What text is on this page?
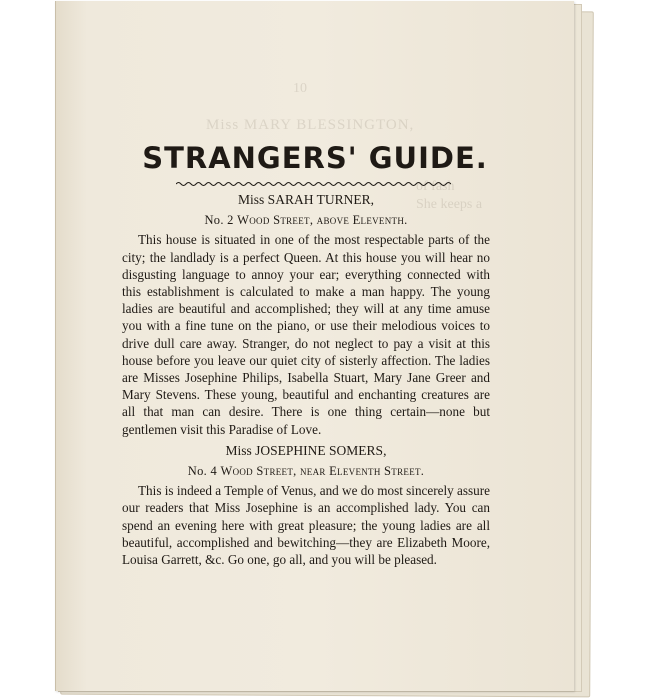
10
Miss MARY BLESSINGTON,
of fash
She keeps a
STRANGERS' GUIDE.
Miss SARAH TURNER,
No. 2 Wood Street, above Eleventh.

This house is situated in one of the most respectable parts of the city; the landlady is a perfect Queen. At this house you will hear no disgusting language to annoy your ear; everything connected with this establishment is calculated to make a man happy. The young ladies are beautiful and accomplished; they will at any time amuse you with a fine tune on the piano, or use their melodious voices to drive dull care away. Stranger, do not neglect to pay a visit at this house before you leave our quiet city of sisterly affection. The ladies are Misses Josephine Philips, Isabella Stuart, Mary Jane Greer and Mary Stevens. These young, beautiful and enchanting creatures are all that man can desire. There is one thing certain—none but gentlemen visit this Paradise of Love.

Miss JOSEPHINE SOMERS,
No. 4 Wood Street, near Eleventh Street.

This is indeed a Temple of Venus, and we do most sincerely assure our readers that Miss Josephine is an accomplished lady. You can spend an evening here with great pleasure; the young ladies are all beautiful, accomplished and bewitching—they are Elizabeth Moore, Louisa Garrett, &c. Go one, go all, and you will be pleased.
